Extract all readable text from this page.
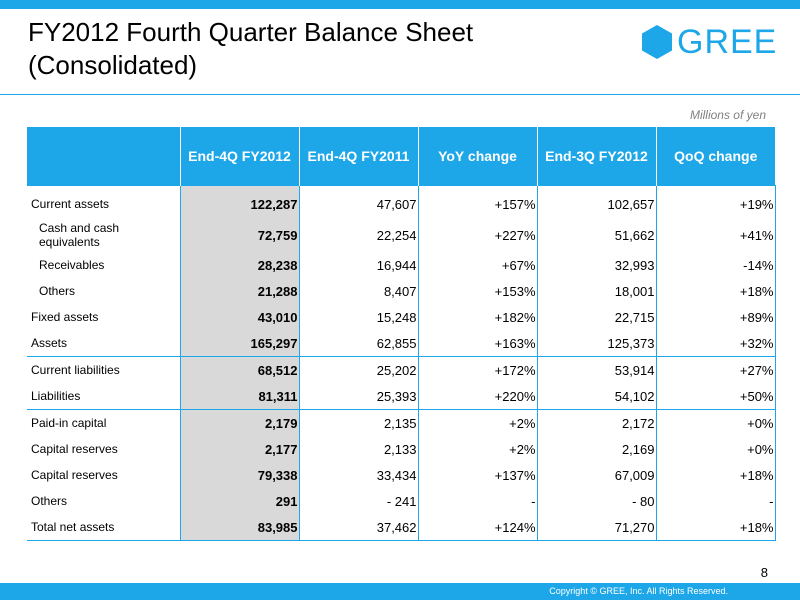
FY2012 Fourth Quarter Balance Sheet
(Consolidated)
GREE
Millions of yen
	End-4Q FY2012	End-4Q FY2011	YoY change	End-3Q FY2012	QoQ change
Current assets	122,287	47,607	+157%	102,657	+19%
Cash and cash equivalents	72,759	22,254	+227%	51,662	+41%
Receivables	28,238	16,944	+67%	32,993	-14%
Others	21,288	8,407	+153%	18,001	+18%
Fixed assets	43,010	15,248	+182%	22,715	+89%
Assets	165,297	62,855	+163%	125,373	+32%
Current liabilities	68,512	25,202	+172%	53,914	+27%
Liabilities	81,311	25,393	+220%	54,102	+50%
Paid-in capital	2,179	2,135	+2%	2,172	+0%
Capital reserves	2,177	2,133	+2%	2,169	+0%
Capital reserves	79,338	33,434	+137%	67,009	+18%
Others	291	- 241	-	- 80	-
Total net assets	83,985	37,462	+124%	71,270	+18%
8
Copyright © GREE, Inc. All Rights Reserved.
